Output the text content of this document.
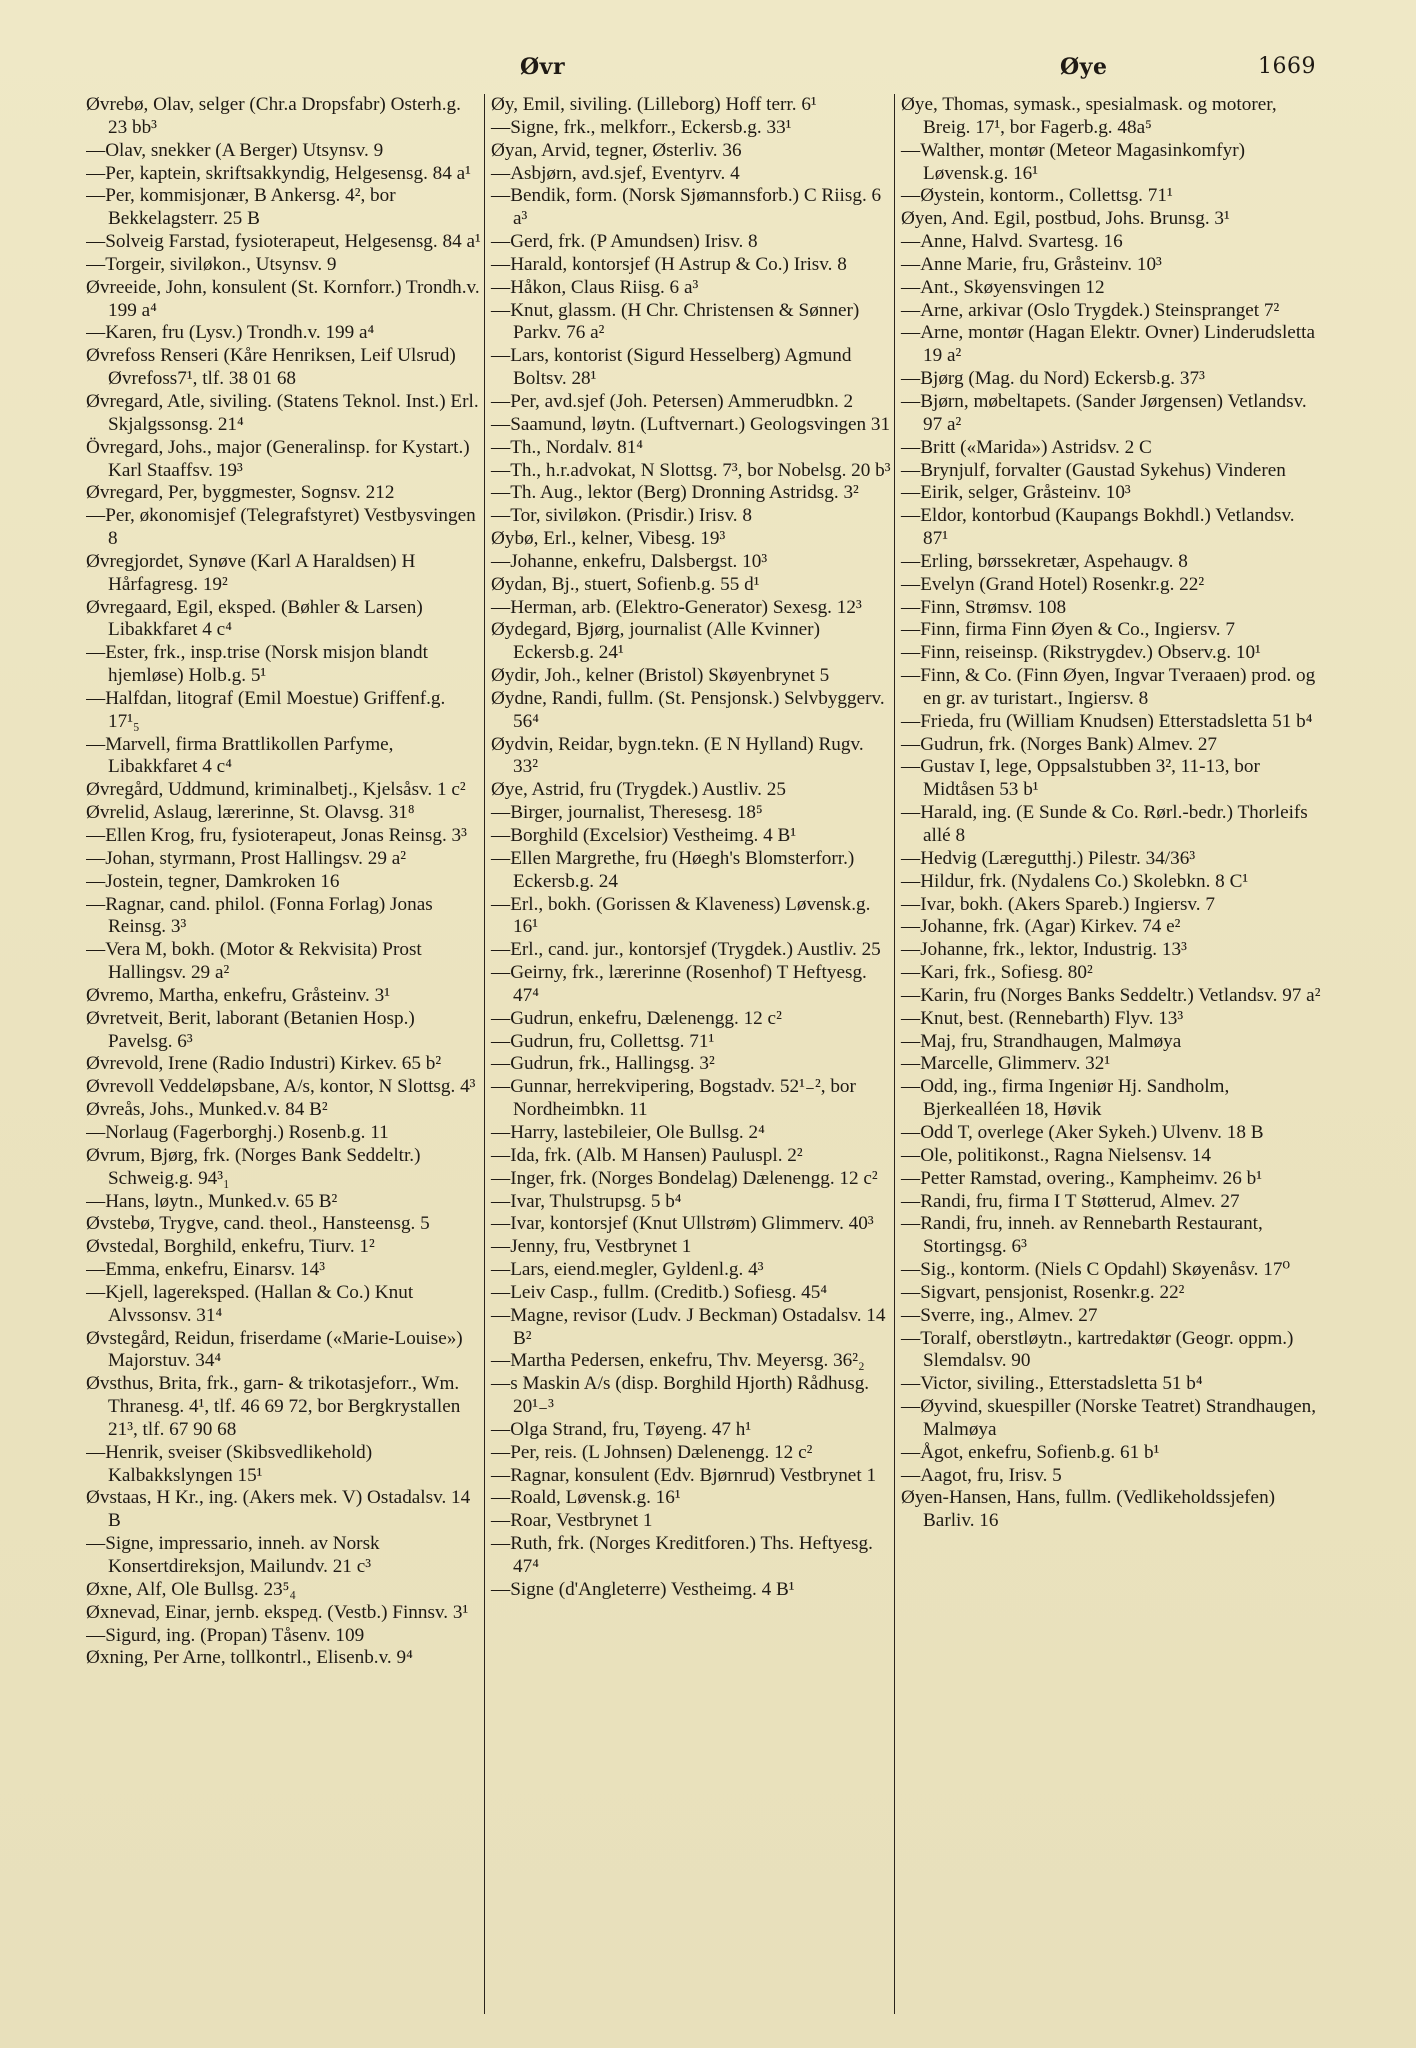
Øvr	Øye	1669

Øvrebø, Olav, selger (Chr.a Dropsfabr) Osterh.g. 23 bb³

—Olav, snekker (A Berger) Utsynsv. 9

—Per, kaptein, skriftsakkyndig, Helgesensg. 84 a¹

—Per, kommisjonær, B Ankersg. 4², bor Bekkelagsterr. 25 B

—Solveig Farstad, fysioterapeut, Helgesensg. 84 a¹

—Torgeir, siviløkon., Utsynsv. 9

Øvreeide, John, konsulent (St. Kornforr.) Trondh.v. 199 a⁴

—Karen, fru (Lysv.) Trondh.v. 199 a⁴

Øvrefoss Renseri (Kåre Henriksen, Leif Ulsrud) Øvrefoss7¹, tlf. 38 01 68

Øvregard, Atle, siviling. (Statens Teknol. Inst.) Erl. Skjalgssonsg. 21⁴

Övregard, Johs., major (Generalinsp. for Kystart.) Karl Staaffsv. 19³

Øvregard, Per, byggmester, Sognsv. 212

—Per, økonomisjef (Telegrafstyret) Vestbysvingen 8

Øvregjordet, Synøve (Karl A Haraldsen) H Hårfagresg. 19²

Øvregaard, Egil, eksped. (Bøhler & Larsen) Libakkfaret 4 c⁴

—Ester, frk., insp.trise (Norsk misjon blandt hjemløse) Holb.g. 5¹

—Halfdan, litograf (Emil Moestue) Griffenf.g. 17¹₅

—Marvell, firma Brattlikollen Parfyme, Libakkfaret 4 c⁴

Øvregård, Uddmund, kriminalbetj., Kjelsåsv. 1 c²

Øvrelid, Aslaug, lærerinne, St. Olavsg. 31⁸

—Ellen Krog, fru, fysioterapeut, Jonas Reinsg. 3³

—Johan, styrmann, Prost Hallingsv. 29 a²

—Jostein, tegner, Damkroken 16

—Ragnar, cand. philol. (Fonna Forlag) Jonas Reinsg. 3³

—Vera M, bokh. (Motor & Rekvisita) Prost Hallingsv. 29 a²

Øvremo, Martha, enkefru, Gråsteinv. 3¹

Øvretveit, Berit, laborant (Betanien Hosp.) Pavelsg. 6³

Øvrevold, Irene (Radio Industri) Kirkev. 65 b²

Øvrevoll Veddeløpsbane, A/s, kontor, N Slottsg. 4³

Øvreås, Johs., Munked.v. 84 B²

—Norlaug (Fagerborghj.) Rosenb.g. 11

Øvrum, Bjørg, frk. (Norges Bank Seddeltr.) Schweig.g. 94³₁

—Hans, løytn., Munked.v. 65 B²

Øvstebø, Trygve, cand. theol., Hansteensg. 5

Øvstedal, Borghild, enkefru, Tiurv. 1²

—Emma, enkefru, Einarsv. 14³

—Kjell, lagereksped. (Hallan & Co.) Knut Alvssonsv. 31⁴

Øvstegård, Reidun, friserdame («Marie-Louise») Majorstuv. 34⁴

Øvsthus, Brita, frk., garn- & trikotasjeforr., Wm. Thranesg. 4¹, tlf. 46 69 72, bor Bergkrystallen 21³, tlf. 67 90 68

—Henrik, sveiser (Skibsvedlikehold) Kalbakkslyngen 15¹

Øvstaas, H Kr., ing. (Akers mek. V) Ostadalsv. 14 B

—Signe, impressario, inneh. av Norsk Konsertdireksjon, Mailundv. 21 c³

Øxne, Alf, Ole Bullsg. 23⁵₄

Øxnevad, Einar, jernb. ekspeд. (Vestb.) Finnsv. 3¹

—Sigurd, ing. (Propan) Tåsenv. 109

Øxning, Per Arne, tollkontrl., Elisenb.v. 9⁴

Øy, Emil, siviling. (Lilleborg) Hoff terr. 6¹

—Signe, frk., melkforr., Eckersb.g. 33¹

Øyan, Arvid, tegner, Østerliv. 36

—Asbjørn, avd.sjef, Eventyrv. 4

—Bendik, form. (Norsk Sjømannsforb.) C Riisg. 6 a³

—Gerd, frk. (P Amundsen) Irisv. 8

—Harald, kontorsjef (H Astrup & Co.) Irisv. 8

—Håkon, Claus Riisg. 6 a³

—Knut, glassm. (H Chr. Christensen & Sønner) Parkv. 76 a²

—Lars, kontorist (Sigurd Hesselberg) Agmund Boltsv. 28¹

—Per, avd.sjef (Joh. Petersen) Ammerudbkn. 2

—Saamund, løytn. (Luftvernart.) Geologsvingen 31

—Th., Nordalv. 81⁴

—Th., h.r.advokat, N Slottsg. 7³, bor Nobelsg. 20 b³

—Th. Aug., lektor (Berg) Dronning Astridsg. 3²

—Tor, siviløkon. (Prisdir.) Irisv. 8

Øybø, Erl., kelner, Vibesg. 19³

—Johanne, enkefru, Dalsbergst. 10³

Øydan, Bj., stuert, Sofienb.g. 55 d¹

—Herman, arb. (Elektro-Generator) Sexesg. 12³

Øydegard, Bjørg, journalist (Alle Kvinner) Eckersb.g. 24¹

Øydir, Joh., kelner (Bristol) Skøyenbrynet 5

Øydne, Randi, fullm. (St. Pensjonsk.) Selvbyggerv. 56⁴

Øydvin, Reidar, bygn.tekn. (E N Hylland) Rugv. 33²

Øye, Astrid, fru (Trygdek.) Austliv. 25

—Birger, journalist, Theresesg. 18⁵

—Borghild (Excelsior) Vestheimg. 4 B¹

—Ellen Margrethe, fru (Høegh's Blomsterforr.) Eckersb.g. 24

—Erl., bokh. (Gorissen & Klaveness) Løvensk.g. 16¹

—Erl., cand. jur., kontorsjef (Trygdek.) Austliv. 25

—Geirny, frk., lærerinne (Rosenhof) T Heftyesg. 47⁴

—Gudrun, enkefru, Dælenengg. 12 c²

—Gudrun, fru, Collettsg. 71¹

—Gudrun, frk., Hallingsg. 3²

—Gunnar, herrekvipering, Bogstadv. 52¹₋², bor Nordheimbkn. 11

—Harry, lastebileier, Ole Bullsg. 2⁴

—Ida, frk. (Alb. M Hansen) Pauluspl. 2²

—Inger, frk. (Norges Bondelag) Dælenengg. 12 c²

—Ivar, Thulstrupsg. 5 b⁴

—Ivar, kontorsjef (Knut Ullstrøm) Glimmerv. 40³

—Jenny, fru, Vestbrynet 1

—Lars, eiend.megler, Gyldenl.g. 4³

—Leiv Casp., fullm. (Creditb.) Sofiesg. 45⁴

—Magne, revisor (Ludv. J Beckman) Ostadalsv. 14 B²

—Martha Pedersen, enkefru, Thv. Meyersg. 36²₂

—s Maskin A/s (disp. Borghild Hjorth) Rådhusg. 20¹₋³

—Olga Strand, fru, Tøyeng. 47 h¹

—Per, reis. (L Johnsen) Dælenengg. 12 c²

—Ragnar, konsulent (Edv. Bjørnrud) Vestbrynet 1

—Roald, Løvensk.g. 16¹

—Roar, Vestbrynet 1

—Ruth, frk. (Norges Kreditforen.) Ths. Heftyesg. 47⁴

—Signe (d'Angleterre) Vestheimg. 4 B¹

Øye, Thomas, symask., spesialmask. og motorer, Breig. 17¹, bor Fagerb.g. 48a⁵

—Walther, montør (Meteor Magasinkomfyr) Løvensk.g. 16¹

—Øystein, kontorm., Collettsg. 71¹

Øyen, And. Egil, postbud, Johs. Brunsg. 3¹

—Anne, Halvd. Svartesg. 16

—Anne Marie, fru, Gråsteinv. 10³

—Ant., Skøyensvingen 12

—Arne, arkivar (Oslo Trygdek.) Steinspranget 7²

—Arne, montør (Hagan Elektr. Ovner) Linderudsletta 19 a²

—Bjørg (Mag. du Nord) Eckersb.g. 37³

—Bjørn, møbeltapets. (Sander Jørgensen) Vetlandsv. 97 a²

—Britt («Marida») Astridsv. 2 C

—Brynjulf, forvalter (Gaustad Sykehus) Vinderen

—Eirik, selger, Gråsteinv. 10³

—Eldor, kontorbud (Kaupangs Bokhdl.) Vetlandsv. 87¹

—Erling, børssekretær, Aspehaugv. 8

—Evelyn (Grand Hotel) Rosenkr.g. 22²

—Finn, Strømsv. 108

—Finn, firma Finn Øyen & Co., Ingiersv. 7

—Finn, reiseinsp. (Rikstrygdev.) Observ.g. 10¹

—Finn, & Co. (Finn Øyen, Ingvar Tveraaen) prod. og en gr. av turistart., Ingiersv. 8

—Frieda, fru (William Knudsen) Etterstadsletta 51 b⁴

—Gudrun, frk. (Norges Bank) Almev. 27

—Gustav I, lege, Oppsalstubben 3², 11-13, bor Midtåsen 53 b¹

—Harald, ing. (E Sunde & Co. Rørl.-bedr.) Thorleifs allé 8

—Hedvig (Læregutthj.) Pilestr. 34/36³

—Hildur, frk. (Nydalens Co.) Skolebkn. 8 C¹

—Ivar, bokh. (Akers Spareb.) Ingiersv. 7

—Johanne, frk. (Agar) Kirkev. 74 e²

—Johanne, frk., lektor, Industrig. 13³

—Kari, frk., Sofiesg. 80²

—Karin, fru (Norges Banks Seddeltr.) Vetlandsv. 97 a²

—Knut, best. (Rennebarth) Flyv. 13³

—Maj, fru, Strandhaugen, Malmøya

—Marcelle, Glimmerv. 32¹

—Odd, ing., firma Ingeniør Hj. Sandholm, Bjerkealléen 18, Høvik

—Odd T, overlege (Aker Sykeh.) Ulvenv. 18 B

—Ole, politikonst., Ragna Nielsensv. 14

—Petter Ramstad, overing., Kampheimv. 26 b¹

—Randi, fru, firma I T Støtterud, Almev. 27

—Randi, fru, inneh. av Rennebarth Restaurant, Stortingsg. 6³

—Sig., kontorm. (Niels C Opdahl) Skøyenåsv. 17⁰

—Sigvart, pensjonist, Rosenkr.g. 22²

—Sverre, ing., Almev. 27

—Toralf, oberstløytn., kartredaktør (Geogr. oppm.) Slemdalsv. 90

—Victor, siviling., Etterstadsletta 51 b⁴

—Øyvind, skuespiller (Norske Teatret) Strandhaugen, Malmøya

—Ågot, enkefru, Sofienb.g. 61 b¹

—Aagot, fru, Irisv. 5

Øyen-Hansen, Hans, fullm. (Vedlikeholdssjefen) Barliv. 16
